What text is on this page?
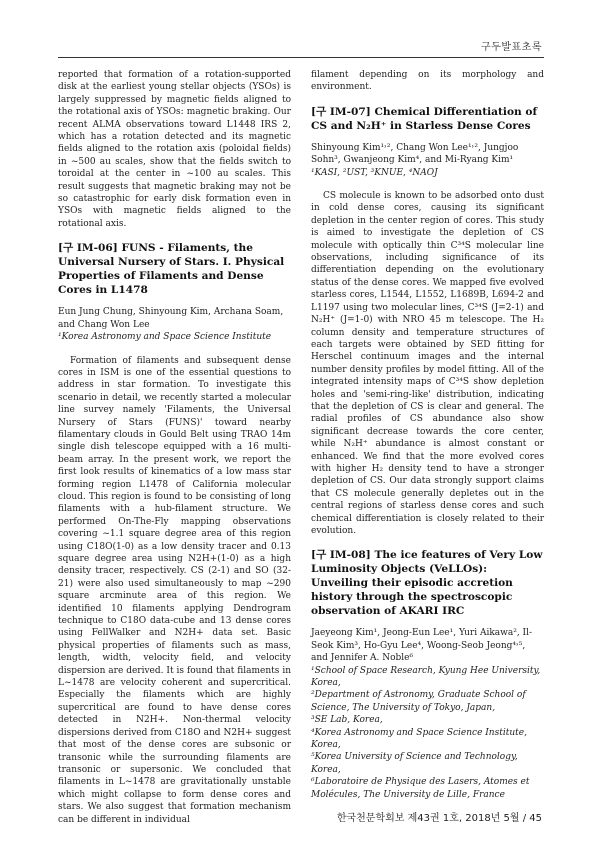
구두발표초록

reported that formation of a rotation-supported disk at the earliest young stellar objects (YSOs) is largely suppressed by magnetic fields aligned to the rotational axis of YSOs: magnetic braking. Our recent ALMA observations toward L1448 IRS 2, which has a rotation detected and its magnetic fields aligned to the rotation axis (poloidal fields) in ~500 au scales, show that the fields switch to toroidal at the center in ~100 au scales. This result suggests that magnetic braking may not be so catastrophic for early disk formation even in YSOs with magnetic fields aligned to the rotational axis.

[구 IM-06] FUNS - Filaments, the Universal Nursery of Stars. I. Physical Properties of Filaments and Dense Cores in L1478

Eun Jung Chung, Shinyoung Kim, Archana Soam, and Chang Won Lee

¹Korea Astronomy and Space Science Institute

Formation of filaments and subsequent dense cores in ISM is one of the essential questions to address in star formation. To investigate this scenario in detail, we recently started a molecular line survey namely 'Filaments, the Universal Nursery of Stars (FUNS)' toward nearby filamentary clouds in Gould Belt using TRAO 14m single dish telescope equipped with a 16 multi-beam array. In the present work, we report the first look results of kinematics of a low mass star forming region L1478 of California molecular cloud. This region is found to be consisting of long filaments with a hub-filament structure. We performed On-The-Fly mapping observations covering ~1.1 square degree area of this region using C18O(1-0) as a low density tracer and 0.13 square degree area using N2H+(1-0) as a high density tracer, respectively. CS (2-1) and SO (32-21) were also used simultaneously to map ~290 square arcminute area of this region. We identified 10 filaments applying Dendrogram technique to C18O data-cube and 13 dense cores using FellWalker and N2H+ data set. Basic physical properties of filaments such as mass, length, width, velocity field, and velocity dispersion are derived. It is found that filaments in L~1478 are velocity coherent and supercritical. Especially the filaments which are highly supercritical are found to have dense cores detected in N2H+. Non-thermal velocity dispersions derived from C18O and N2H+ suggest that most of the dense cores are subsonic or transonic while the surrounding filaments are transonic or supersonic. We concluded that filaments in L~1478 are gravitationally unstable which might collapse to form dense cores and stars. We also suggest that formation mechanism can be different in individual

filament depending on its morphology and environment.

[구 IM-07] Chemical Differentiation of CS and N₂H⁺ in Starless Dense Cores

Shinyoung Kim¹˒², Chang Won Lee¹˒², Jungjoo Sohn³, Gwanjeong Kim⁴, and Mi-Ryang Kim¹

¹KASI, ²UST, ³KNUE, ⁴NAOJ

CS molecule is known to be adsorbed onto dust in cold dense cores, causing its significant depletion in the center region of cores. This study is aimed to investigate the depletion of CS molecule with optically thin C³⁴S molecular line observations, including significance of its differentiation depending on the evolutionary status of the dense cores. We mapped five evolved starless cores, L1544, L1552, L1689B, L694-2 and L1197 using two molecular lines, C³⁴S (J=2-1) and N₂H⁺ (J=1-0) with NRO 45 m telescope. The H₂ column density and temperature structures of each targets were obtained by SED fitting for Herschel continuum images and the internal number density profiles by model fitting. All of the integrated intensity maps of C³⁴S show depletion holes and 'semi-ring-like' distribution, indicating that the depletion of CS is clear and general. The radial profiles of CS abundance also show significant decrease towards the core center, while N₂H⁺ abundance is almost constant or enhanced. We find that the more evolved cores with higher H₂ density tend to have a stronger depletion of CS. Our data strongly support claims that CS molecule generally depletes out in the central regions of starless dense cores and such chemical differentiation is closely related to their evolution.

[구 IM-08] The ice features of Very Low Luminosity Objects (VeLLOs): Unveiling their episodic accretion history through the spectroscopic observation of AKARI IRC

Jaeyeong Kim¹, Jeong-Eun Lee¹, Yuri Aikawa², Il-Seok Kim³, Ho-Gyu Lee⁴, Woong-Seob Jeong⁴˒⁵, and Jennifer A. Noble⁶

¹School of Space Research, Kyung Hee University, Korea,

²Department of Astronomy, Graduate School of Science, The University of Tokyo, Japan,

³SE Lab, Korea,

⁴Korea Astronomy and Space Science Institute, Korea,

⁵Korea University of Science and Technology, Korea,

⁶Laboratoire de Physique des Lasers, Atomes et Molécules, The University de Lille, France

한국천문학회보 제43권 1호, 2018년 5월 / 45
